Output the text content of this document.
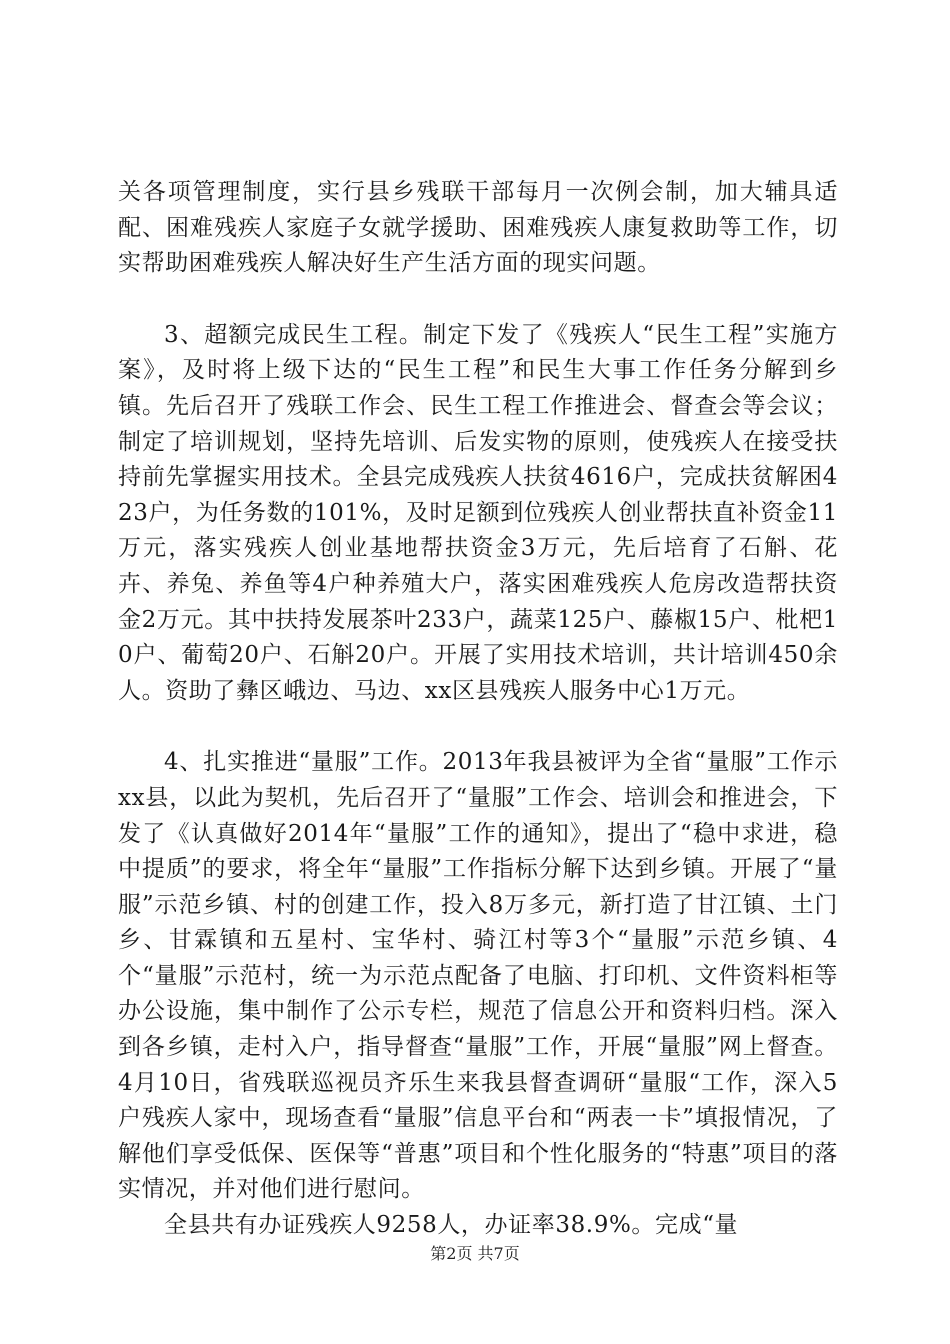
关各项管理制度，实行县乡残联干部每月一次例会制，加大辅具适配、困难残疾人家庭子女就学援助、困难残疾人康复救助等工作，切实帮助困难残疾人解决好生产生活方面的现实问题。

3、超额完成民生工程。制定下发了《残疾人“民生工程”实施方案》，及时将上级下达的“民生工程”和民生大事工作任务分解到乡镇。先后召开了残联工作会、民生工程工作推进会、督查会等会议；制定了培训规划，坚持先培训、后发实物的原则，使残疾人在接受扶持前先掌握实用技术。全县完成残疾人扶贫4616户，完成扶贫解困423户，为任务数的101%，及时足额到位残疾人创业帮扶直补资金11万元，落实残疾人创业基地帮扶资金3万元，先后培育了石斛、花卉、养兔、养鱼等4户种养殖大户，落实困难残疾人危房改造帮扶资金2万元。其中扶持发展茶叶233户，蔬菜125户、藤椒15户、枇杷10户、葡萄20户、石斛20户。开展了实用技术培训，共计培训450余人。资助了彝区峨边、马边、xx区县残疾人服务中心1万元。

4、扎实推进“量服”工作。2013年我县被评为全省“量服”工作示xx县，以此为契机，先后召开了“量服”工作会、培训会和推进会，下发了《认真做好2014年“量服”工作的通知》，提出了“稳中求进，稳中提质”的要求，将全年“量服”工作指标分解下达到乡镇。开展了“量服”示范乡镇、村的创建工作，投入8万多元，新打造了甘江镇、土门乡、甘霖镇和五星村、宝华村、骑江村等3个“量服”示范乡镇、4个“量服”示范村，统一为示范点配备了电脑、打印机、文件资料柜等办公设施，集中制作了公示专栏，规范了信息公开和资料归档。深入到各乡镇，走村入户，指导督查“量服”工作，开展“量服”网上督查。4月10日，省残联巡视员齐乐生来我县督查调研“量服“工作，深入5户残疾人家中，现场查看“量服”信息平台和“两表一卡”填报情况，了解他们享受低保、医保等“普惠”项目和个性化服务的“特惠”项目的落实情况，并对他们进行慰问。

全县共有办证残疾人9258人，办证率38.9%。完成“量

第2页 共7页
